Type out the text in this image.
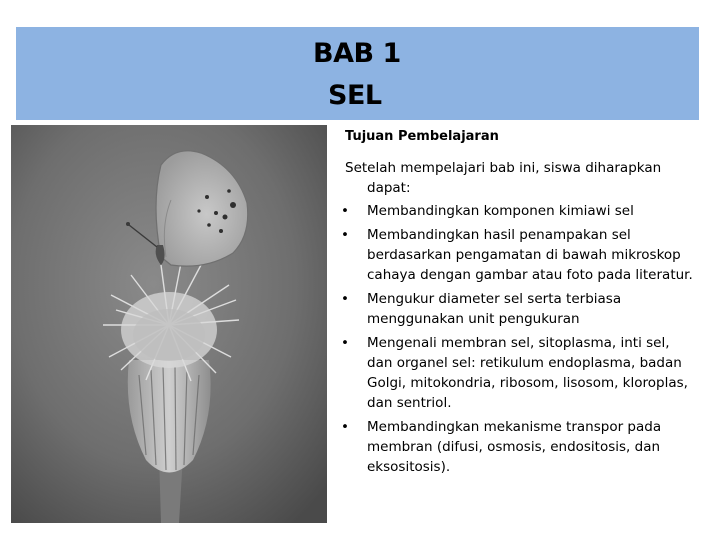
BAB 1
SEL

Tujuan Pembelajaran

Setelah mempelajari bab ini, siswa diharapkan dapat:

• Membandingkan komponen kimiawi sel
• Membandingkan hasil penampakan sel berdasarkan pengamatan di bawah mikroskop cahaya dengan gambar atau foto pada literatur.
• Mengukur diameter sel serta terbiasa menggunakan unit pengukuran
• Mengenali membran sel, sitoplasma, inti sel, dan organel sel: retikulum endoplasma, badan Golgi, mitokondria, ribosom, lisosom, kloroplas, dan sentriol.
• Membandingkan mekanisme transpor pada membran (difusi, osmosis, endositosis, dan eksositosis).
